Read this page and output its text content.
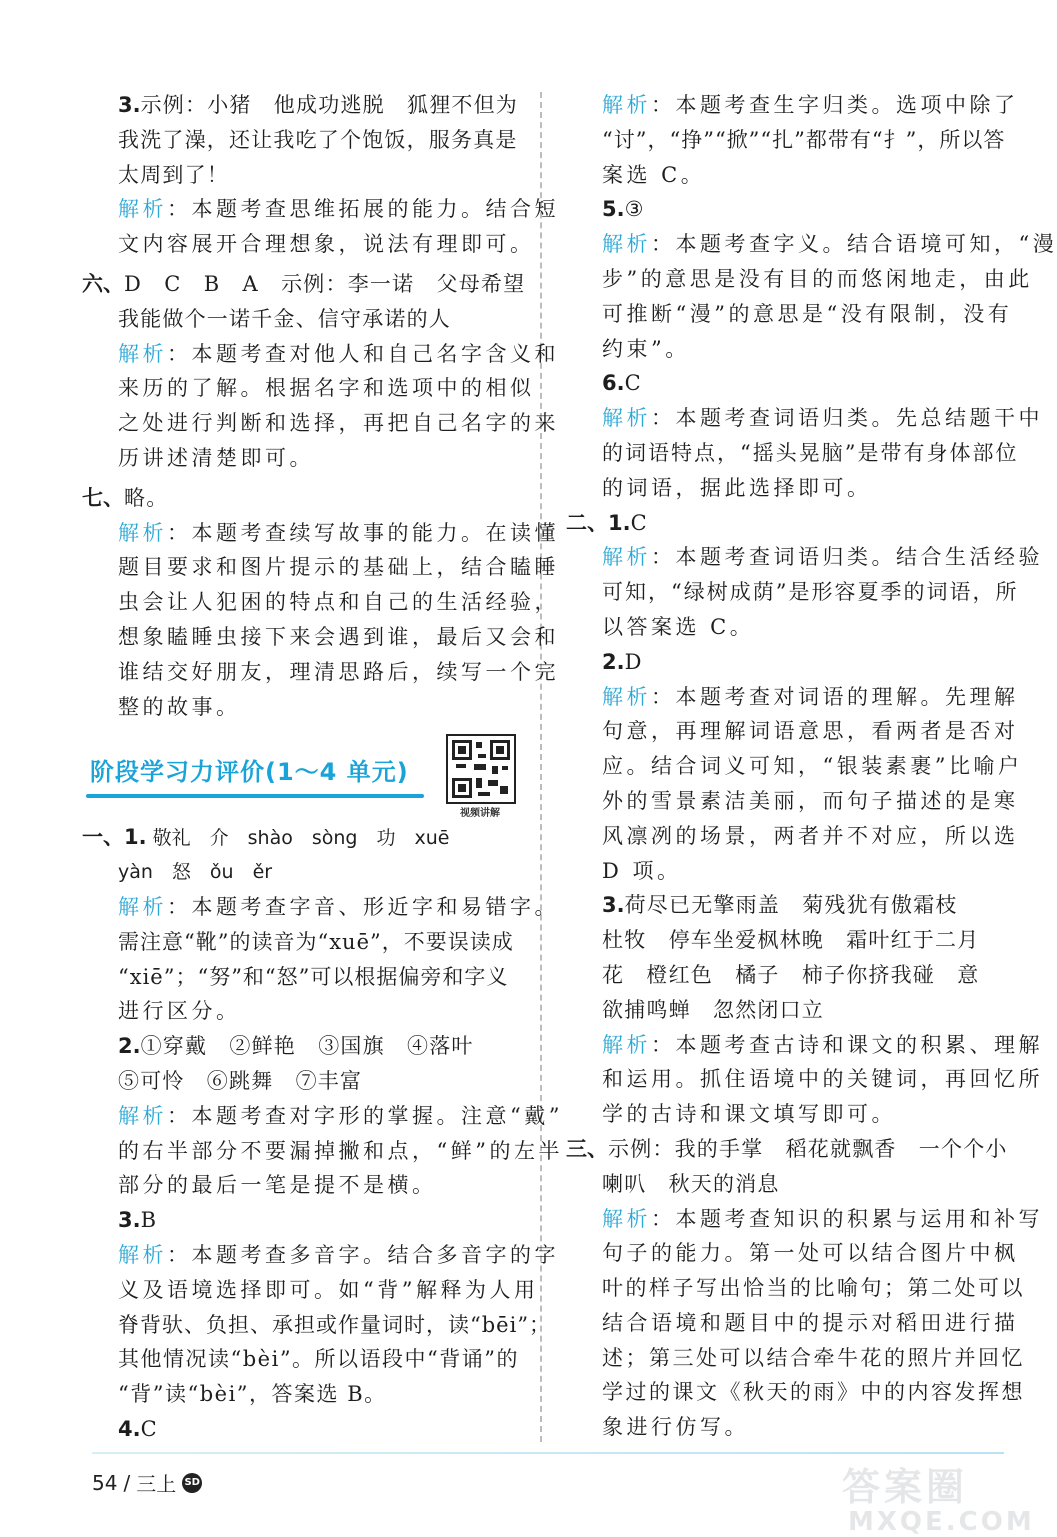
3.示例：小猪　他成功逃脱　狐狸不但为
我洗了澡，还让我吃了个饱饭，服务真是
太周到了！
解析：本题考查思维拓展的能力。结合短
文内容展开合理想象，说法有理即可。
六、D　C　B　A　示例：李一诺　父母希望
我能做个一诺千金、信守承诺的人
解析：本题考查对他人和自己名字含义和
来历的了解。根据名字和选项中的相似
之处进行判断和选择，再把自己名字的来
历讲述清楚即可。
七、略。
解析：本题考查续写故事的能力。在读懂
题目要求和图片提示的基础上，结合瞌睡
虫会让人犯困的特点和自己的生活经验，
想象瞌睡虫接下来会遇到谁，最后又会和
谁结交好朋友，理清思路后，续写一个完
整的故事。
阶段学习力评价(1～4 单元)
视频讲解
一、1. 敬礼　介　shào　sòng　功　xuē
yàn　怒　ǒu　ěr
解析：本题考查字音、形近字和易错字。
需注意“靴”的读音为“xuē”，不要误读成
“xiē”；“努”和“怒”可以根据偏旁和字义
进行区分。
2.①穿戴　②鲜艳　③国旗　④落叶
⑤可怜　⑥跳舞　⑦丰富
解析：本题考查对字形的掌握。注意“戴”
的右半部分不要漏掉撇和点，“鲜”的左半
部分的最后一笔是提不是横。
3.B
解析：本题考查多音字。结合多音字的字
义及语境选择即可。如“背”解释为人用
脊背驮、负担、承担或作量词时，读“bēi”；
其他情况读“bèi”。所以语段中“背诵”的
“背”读“bèi”，答案选 B。
4.C
解析：本题考查生字归类。选项中除了
“讨”，“挣”“掀”“扎”都带有“扌”，所以答
案选 C。
5.③
解析：本题考查字义。结合语境可知，“漫
步”的意思是没有目的而悠闲地走，由此
可推断“漫”的意思是“没有限制，没有
约束”。
6.C
解析：本题考查词语归类。先总结题干中
的词语特点，“摇头晃脑”是带有身体部位
的词语，据此选择即可。
二、1.C
解析：本题考查词语归类。结合生活经验
可知，“绿树成荫”是形容夏季的词语，所
以答案选 C。
2.D
解析：本题考查对词语的理解。先理解
句意，再理解词语意思，看两者是否对
应。结合词义可知，“银装素裹”比喻户
外的雪景素洁美丽，而句子描述的是寒
风凛冽的场景，两者并不对应，所以选
D 项。
3.荷尽已无擎雨盖　菊残犹有傲霜枝
杜牧　停车坐爱枫林晚　霜叶红于二月
花　橙红色　橘子　柿子你挤我碰　意
欲捕鸣蝉　忽然闭口立
解析：本题考查古诗和课文的积累、理解
和运用。抓住语境中的关键词，再回忆所
学的古诗和课文填写即可。
三、示例：我的手掌　稻花就飘香　一个个小
喇叭　秋天的消息
解析：本题考查知识的积累与运用和补写
句子的能力。第一处可以结合图片中枫
叶的样子写出恰当的比喻句；第二处可以
结合语境和题目中的提示对稻田进行描
述；第三处可以结合牵牛花的照片并回忆
学过的课文《秋天的雨》中的内容发挥想
象进行仿写。
54 / 三上 SD	答案圈
MXQE.COM
